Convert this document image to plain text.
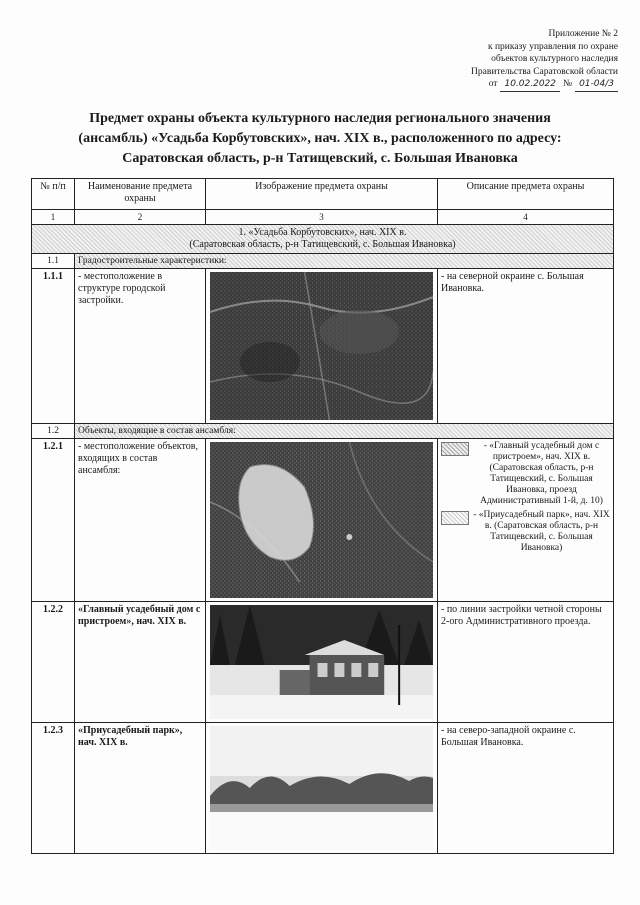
Приложение № 2
к приказу управления по охране
объектов культурного наследия
Правительства Саратовской области
от 10.02.2022 № 01-04/3
Предмет охраны объекта культурного наследия регионального значения
(ансамбль) «Усадьба Корбутовских», нач. XIX в., расположенного по адресу:
Саратовская область, р-н Татищевский, с. Большая Ивановка
№ п/п	Наименование предмета охраны	Изображение предмета охраны	Описание предмета охраны
1	2	3	4

1. «Усадьба Корбутовских», нач. XIX в.
(Саратовская область, р-н Татищевский, с. Большая Ивановка)			

1.1	Градостроительные характеристики:		
1.1.1	- местоположение в структуре городской застройки.		- на северной окраине с. Большая Ивановка.
1.2	Объекты, входящие в состав ансамбля:		
1.2.1	- местоположение объектов, входящих в состав ансамбля:		- «Главный усадебный дом с пристроем», нач. XIX в. (Саратовская область, р-н Татищевский, с. Большая Ивановка, проезд Административный 1-й, д. 10)
- «Приусадебный парк», нач. XIX в. (Саратовская область, р-н Татищевский, с. Большая Ивановка)

1.2.2	«Главный усадебный дом с пристроем», нач. XIX в.		- по линии застройки четной стороны 2-ого Административного проезда.
1.2.3	«Приусадебный парк», нач. XIX в.		- на северо-западной окраине с. Большая Ивановка.
